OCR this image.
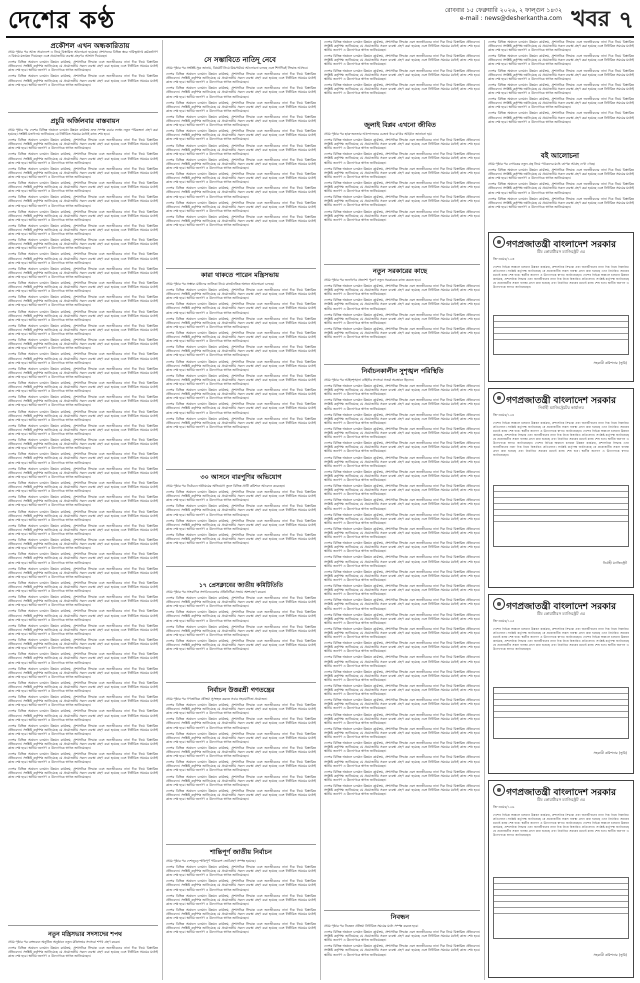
দেশের কণ্ঠ	রোববার ১৫ ফেব্রুয়ারি ২০২৬, ২ ফাল্গুন ১৪৩২
e-mail : news@desherkantha.com খবর ৭
প্রকৌশল এখন অন্ধকারিতায়

প্রথম পৃষ্ঠার পর আজ সারাদেশে এ নিয়ে বিস্তারিত আলোচনা হয়েছে। প্রশাসনের বিভিন্ন স্তরে দায়িত্বপ্রাপ্ত কর্মকর্তাগণ এ বিষয়ে মতামত দিয়েছেন এবং প্রয়োজনীয় ব্যবস্থা গ্রহণের আশ্বাস দিয়েছেন।

দেশের বিভিন্ন অঞ্চলে চলমান উন্নয়ন কার্যক্রম, প্রশাসনিক সিদ্ধান্ত এবং জনজীবনের নানা দিক নিয়ে বিস্তারিত প্রতিবেদন। সংশ্লিষ্ট কর্তৃপক্ষ জানিয়েছে যে প্রয়োজনীয় সকল ব্যবস্থা গ্রহণ করা হয়েছে এবং নির্ধারিত সময়ের মধ্যেই কাজ শেষ হবে। স্থানীয় জনগণ এ উদ্যোগকে স্বাগত জানিয়েছেন।

দেশের বিভিন্ন অঞ্চলে চলমান উন্নয়ন কার্যক্রম, প্রশাসনিক সিদ্ধান্ত এবং জনজীবনের নানা দিক নিয়ে বিস্তারিত প্রতিবেদন। সংশ্লিষ্ট কর্তৃপক্ষ জানিয়েছে যে প্রয়োজনীয় সকল ব্যবস্থা গ্রহণ করা হয়েছে এবং নির্ধারিত সময়ের মধ্যেই কাজ শেষ হবে। স্থানীয় জনগণ এ উদ্যোগকে স্বাগত জানিয়েছেন।

প্রচুরি অর্জিলবার বাস্তবায়ন

প্রথম পৃষ্ঠার পর দেশের বিভিন্ন অঞ্চলে চলমান উন্নয়ন কার্যক্রম দ্রুত সম্পন্ন করার লক্ষ্যে নতুন পরিকল্পনা গ্রহণ করা হয়েছে। সংশ্লিষ্ট মন্ত্রণালয় জানিয়েছে যে নির্ধারিত সময়ের মধ্যেই কাজ শেষ হবে।

দেশের বিভিন্ন অঞ্চলে চলমান উন্নয়ন কার্যক্রম, প্রশাসনিক সিদ্ধান্ত এবং জনজীবনের নানা দিক নিয়ে বিস্তারিত প্রতিবেদন। সংশ্লিষ্ট কর্তৃপক্ষ জানিয়েছে যে প্রয়োজনীয় সকল ব্যবস্থা গ্রহণ করা হয়েছে এবং নির্ধারিত সময়ের মধ্যেই কাজ শেষ হবে। স্থানীয় জনগণ এ উদ্যোগকে স্বাগত জানিয়েছেন।

দেশের বিভিন্ন অঞ্চলে চলমান উন্নয়ন কার্যক্রম, প্রশাসনিক সিদ্ধান্ত এবং জনজীবনের নানা দিক নিয়ে বিস্তারিত প্রতিবেদন। সংশ্লিষ্ট কর্তৃপক্ষ জানিয়েছে যে প্রয়োজনীয় সকল ব্যবস্থা গ্রহণ করা হয়েছে এবং নির্ধারিত সময়ের মধ্যেই কাজ শেষ হবে। স্থানীয় জনগণ এ উদ্যোগকে স্বাগত জানিয়েছেন।

দেশের বিভিন্ন অঞ্চলে চলমান উন্নয়ন কার্যক্রম, প্রশাসনিক সিদ্ধান্ত এবং জনজীবনের নানা দিক নিয়ে বিস্তারিত প্রতিবেদন। সংশ্লিষ্ট কর্তৃপক্ষ জানিয়েছে যে প্রয়োজনীয় সকল ব্যবস্থা গ্রহণ করা হয়েছে এবং নির্ধারিত সময়ের মধ্যেই কাজ শেষ হবে। স্থানীয় জনগণ এ উদ্যোগকে স্বাগত জানিয়েছেন।

দেশের বিভিন্ন অঞ্চলে চলমান উন্নয়ন কার্যক্রম, প্রশাসনিক সিদ্ধান্ত এবং জনজীবনের নানা দিক নিয়ে বিস্তারিত প্রতিবেদন। সংশ্লিষ্ট কর্তৃপক্ষ জানিয়েছে যে প্রয়োজনীয় সকল ব্যবস্থা গ্রহণ করা হয়েছে এবং নির্ধারিত সময়ের মধ্যেই কাজ শেষ হবে। স্থানীয় জনগণ এ উদ্যোগকে স্বাগত জানিয়েছেন।

দেশের বিভিন্ন অঞ্চলে চলমান উন্নয়ন কার্যক্রম, প্রশাসনিক সিদ্ধান্ত এবং জনজীবনের নানা দিক নিয়ে বিস্তারিত প্রতিবেদন। সংশ্লিষ্ট কর্তৃপক্ষ জানিয়েছে যে প্রয়োজনীয় সকল ব্যবস্থা গ্রহণ করা হয়েছে এবং নির্ধারিত সময়ের মধ্যেই কাজ শেষ হবে। স্থানীয় জনগণ এ উদ্যোগকে স্বাগত জানিয়েছেন।

দেশের বিভিন্ন অঞ্চলে চলমান উন্নয়ন কার্যক্রম, প্রশাসনিক সিদ্ধান্ত এবং জনজীবনের নানা দিক নিয়ে বিস্তারিত প্রতিবেদন। সংশ্লিষ্ট কর্তৃপক্ষ জানিয়েছে যে প্রয়োজনীয় সকল ব্যবস্থা গ্রহণ করা হয়েছে এবং নির্ধারিত সময়ের মধ্যেই কাজ শেষ হবে। স্থানীয় জনগণ এ উদ্যোগকে স্বাগত জানিয়েছেন।

দেশের বিভিন্ন অঞ্চলে চলমান উন্নয়ন কার্যক্রম, প্রশাসনিক সিদ্ধান্ত এবং জনজীবনের নানা দিক নিয়ে বিস্তারিত প্রতিবেদন। সংশ্লিষ্ট কর্তৃপক্ষ জানিয়েছে যে প্রয়োজনীয় সকল ব্যবস্থা গ্রহণ করা হয়েছে এবং নির্ধারিত সময়ের মধ্যেই কাজ শেষ হবে। স্থানীয় জনগণ এ উদ্যোগকে স্বাগত জানিয়েছেন।

দেশের বিভিন্ন অঞ্চলে চলমান উন্নয়ন কার্যক্রম, প্রশাসনিক সিদ্ধান্ত এবং জনজীবনের নানা দিক নিয়ে বিস্তারিত প্রতিবেদন। সংশ্লিষ্ট কর্তৃপক্ষ জানিয়েছে যে প্রয়োজনীয় সকল ব্যবস্থা গ্রহণ করা হয়েছে এবং নির্ধারিত সময়ের মধ্যেই কাজ শেষ হবে। স্থানীয় জনগণ এ উদ্যোগকে স্বাগত জানিয়েছেন।

দেশের বিভিন্ন অঞ্চলে চলমান উন্নয়ন কার্যক্রম, প্রশাসনিক সিদ্ধান্ত এবং জনজীবনের নানা দিক নিয়ে বিস্তারিত প্রতিবেদন। সংশ্লিষ্ট কর্তৃপক্ষ জানিয়েছে যে প্রয়োজনীয় সকল ব্যবস্থা গ্রহণ করা হয়েছে এবং নির্ধারিত সময়ের মধ্যেই কাজ শেষ হবে। স্থানীয় জনগণ এ উদ্যোগকে স্বাগত জানিয়েছেন।

দেশের বিভিন্ন অঞ্চলে চলমান উন্নয়ন কার্যক্রম, প্রশাসনিক সিদ্ধান্ত এবং জনজীবনের নানা দিক নিয়ে বিস্তারিত প্রতিবেদন। সংশ্লিষ্ট কর্তৃপক্ষ জানিয়েছে যে প্রয়োজনীয় সকল ব্যবস্থা গ্রহণ করা হয়েছে এবং নির্ধারিত সময়ের মধ্যেই কাজ শেষ হবে। স্থানীয় জনগণ এ উদ্যোগকে স্বাগত জানিয়েছেন।

দেশের বিভিন্ন অঞ্চলে চলমান উন্নয়ন কার্যক্রম, প্রশাসনিক সিদ্ধান্ত এবং জনজীবনের নানা দিক নিয়ে বিস্তারিত প্রতিবেদন। সংশ্লিষ্ট কর্তৃপক্ষ জানিয়েছে যে প্রয়োজনীয় সকল ব্যবস্থা গ্রহণ করা হয়েছে এবং নির্ধারিত সময়ের মধ্যেই কাজ শেষ হবে। স্থানীয় জনগণ এ উদ্যোগকে স্বাগত জানিয়েছেন।

দেশের বিভিন্ন অঞ্চলে চলমান উন্নয়ন কার্যক্রম, প্রশাসনিক সিদ্ধান্ত এবং জনজীবনের নানা দিক নিয়ে বিস্তারিত প্রতিবেদন। সংশ্লিষ্ট কর্তৃপক্ষ জানিয়েছে যে প্রয়োজনীয় সকল ব্যবস্থা গ্রহণ করা হয়েছে এবং নির্ধারিত সময়ের মধ্যেই কাজ শেষ হবে। স্থানীয় জনগণ এ উদ্যোগকে স্বাগত জানিয়েছেন।

দেশের বিভিন্ন অঞ্চলে চলমান উন্নয়ন কার্যক্রম, প্রশাসনিক সিদ্ধান্ত এবং জনজীবনের নানা দিক নিয়ে বিস্তারিত প্রতিবেদন। সংশ্লিষ্ট কর্তৃপক্ষ জানিয়েছে যে প্রয়োজনীয় সকল ব্যবস্থা গ্রহণ করা হয়েছে এবং নির্ধারিত সময়ের মধ্যেই কাজ শেষ হবে। স্থানীয় জনগণ এ উদ্যোগকে স্বাগত জানিয়েছেন।

দেশের বিভিন্ন অঞ্চলে চলমান উন্নয়ন কার্যক্রম, প্রশাসনিক সিদ্ধান্ত এবং জনজীবনের নানা দিক নিয়ে বিস্তারিত প্রতিবেদন। সংশ্লিষ্ট কর্তৃপক্ষ জানিয়েছে যে প্রয়োজনীয় সকল ব্যবস্থা গ্রহণ করা হয়েছে এবং নির্ধারিত সময়ের মধ্যেই কাজ শেষ হবে। স্থানীয় জনগণ এ উদ্যোগকে স্বাগত জানিয়েছেন।

দেশের বিভিন্ন অঞ্চলে চলমান উন্নয়ন কার্যক্রম, প্রশাসনিক সিদ্ধান্ত এবং জনজীবনের নানা দিক নিয়ে বিস্তারিত প্রতিবেদন। সংশ্লিষ্ট কর্তৃপক্ষ জানিয়েছে যে প্রয়োজনীয় সকল ব্যবস্থা গ্রহণ করা হয়েছে এবং নির্ধারিত সময়ের মধ্যেই কাজ শেষ হবে। স্থানীয় জনগণ এ উদ্যোগকে স্বাগত জানিয়েছেন।

দেশের বিভিন্ন অঞ্চলে চলমান উন্নয়ন কার্যক্রম, প্রশাসনিক সিদ্ধান্ত এবং জনজীবনের নানা দিক নিয়ে বিস্তারিত প্রতিবেদন। সংশ্লিষ্ট কর্তৃপক্ষ জানিয়েছে যে প্রয়োজনীয় সকল ব্যবস্থা গ্রহণ করা হয়েছে এবং নির্ধারিত সময়ের মধ্যেই কাজ শেষ হবে। স্থানীয় জনগণ এ উদ্যোগকে স্বাগত জানিয়েছেন।

দেশের বিভিন্ন অঞ্চলে চলমান উন্নয়ন কার্যক্রম, প্রশাসনিক সিদ্ধান্ত এবং জনজীবনের নানা দিক নিয়ে বিস্তারিত প্রতিবেদন। সংশ্লিষ্ট কর্তৃপক্ষ জানিয়েছে যে প্রয়োজনীয় সকল ব্যবস্থা গ্রহণ করা হয়েছে এবং নির্ধারিত সময়ের মধ্যেই কাজ শেষ হবে। স্থানীয় জনগণ এ উদ্যোগকে স্বাগত জানিয়েছেন।

দেশের বিভিন্ন অঞ্চলে চলমান উন্নয়ন কার্যক্রম, প্রশাসনিক সিদ্ধান্ত এবং জনজীবনের নানা দিক নিয়ে বিস্তারিত প্রতিবেদন। সংশ্লিষ্ট কর্তৃপক্ষ জানিয়েছে যে প্রয়োজনীয় সকল ব্যবস্থা গ্রহণ করা হয়েছে এবং নির্ধারিত সময়ের মধ্যেই কাজ শেষ হবে। স্থানীয় জনগণ এ উদ্যোগকে স্বাগত জানিয়েছেন।

দেশের বিভিন্ন অঞ্চলে চলমান উন্নয়ন কার্যক্রম, প্রশাসনিক সিদ্ধান্ত এবং জনজীবনের নানা দিক নিয়ে বিস্তারিত প্রতিবেদন। সংশ্লিষ্ট কর্তৃপক্ষ জানিয়েছে যে প্রয়োজনীয় সকল ব্যবস্থা গ্রহণ করা হয়েছে এবং নির্ধারিত সময়ের মধ্যেই কাজ শেষ হবে। স্থানীয় জনগণ এ উদ্যোগকে স্বাগত জানিয়েছেন।

দেশের বিভিন্ন অঞ্চলে চলমান উন্নয়ন কার্যক্রম, প্রশাসনিক সিদ্ধান্ত এবং জনজীবনের নানা দিক নিয়ে বিস্তারিত প্রতিবেদন। সংশ্লিষ্ট কর্তৃপক্ষ জানিয়েছে যে প্রয়োজনীয় সকল ব্যবস্থা গ্রহণ করা হয়েছে এবং নির্ধারিত সময়ের মধ্যেই কাজ শেষ হবে। স্থানীয় জনগণ এ উদ্যোগকে স্বাগত জানিয়েছেন।

দেশের বিভিন্ন অঞ্চলে চলমান উন্নয়ন কার্যক্রম, প্রশাসনিক সিদ্ধান্ত এবং জনজীবনের নানা দিক নিয়ে বিস্তারিত প্রতিবেদন। সংশ্লিষ্ট কর্তৃপক্ষ জানিয়েছে যে প্রয়োজনীয় সকল ব্যবস্থা গ্রহণ করা হয়েছে এবং নির্ধারিত সময়ের মধ্যেই কাজ শেষ হবে। স্থানীয় জনগণ এ উদ্যোগকে স্বাগত জানিয়েছেন।

দেশের বিভিন্ন অঞ্চলে চলমান উন্নয়ন কার্যক্রম, প্রশাসনিক সিদ্ধান্ত এবং জনজীবনের নানা দিক নিয়ে বিস্তারিত প্রতিবেদন। সংশ্লিষ্ট কর্তৃপক্ষ জানিয়েছে যে প্রয়োজনীয় সকল ব্যবস্থা গ্রহণ করা হয়েছে এবং নির্ধারিত সময়ের মধ্যেই কাজ শেষ হবে। স্থানীয় জনগণ এ উদ্যোগকে স্বাগত জানিয়েছেন।

দেশের বিভিন্ন অঞ্চলে চলমান উন্নয়ন কার্যক্রম, প্রশাসনিক সিদ্ধান্ত এবং জনজীবনের নানা দিক নিয়ে বিস্তারিত প্রতিবেদন। সংশ্লিষ্ট কর্তৃপক্ষ জানিয়েছে যে প্রয়োজনীয় সকল ব্যবস্থা গ্রহণ করা হয়েছে এবং নির্ধারিত সময়ের মধ্যেই কাজ শেষ হবে। স্থানীয় জনগণ এ উদ্যোগকে স্বাগত জানিয়েছেন।

দেশের বিভিন্ন অঞ্চলে চলমান উন্নয়ন কার্যক্রম, প্রশাসনিক সিদ্ধান্ত এবং জনজীবনের নানা দিক নিয়ে বিস্তারিত প্রতিবেদন। সংশ্লিষ্ট কর্তৃপক্ষ জানিয়েছে যে প্রয়োজনীয় সকল ব্যবস্থা গ্রহণ করা হয়েছে এবং নির্ধারিত সময়ের মধ্যেই কাজ শেষ হবে। স্থানীয় জনগণ এ উদ্যোগকে স্বাগত জানিয়েছেন।

দেশের বিভিন্ন অঞ্চলে চলমান উন্নয়ন কার্যক্রম, প্রশাসনিক সিদ্ধান্ত এবং জনজীবনের নানা দিক নিয়ে বিস্তারিত প্রতিবেদন। সংশ্লিষ্ট কর্তৃপক্ষ জানিয়েছে যে প্রয়োজনীয় সকল ব্যবস্থা গ্রহণ করা হয়েছে এবং নির্ধারিত সময়ের মধ্যেই কাজ শেষ হবে। স্থানীয় জনগণ এ উদ্যোগকে স্বাগত জানিয়েছেন।

দেশের বিভিন্ন অঞ্চলে চলমান উন্নয়ন কার্যক্রম, প্রশাসনিক সিদ্ধান্ত এবং জনজীবনের নানা দিক নিয়ে বিস্তারিত প্রতিবেদন। সংশ্লিষ্ট কর্তৃপক্ষ জানিয়েছে যে প্রয়োজনীয় সকল ব্যবস্থা গ্রহণ করা হয়েছে এবং নির্ধারিত সময়ের মধ্যেই কাজ শেষ হবে। স্থানীয় জনগণ এ উদ্যোগকে স্বাগত জানিয়েছেন।

দেশের বিভিন্ন অঞ্চলে চলমান উন্নয়ন কার্যক্রম, প্রশাসনিক সিদ্ধান্ত এবং জনজীবনের নানা দিক নিয়ে বিস্তারিত প্রতিবেদন। সংশ্লিষ্ট কর্তৃপক্ষ জানিয়েছে যে প্রয়োজনীয় সকল ব্যবস্থা গ্রহণ করা হয়েছে এবং নির্ধারিত সময়ের মধ্যেই কাজ শেষ হবে। স্থানীয় জনগণ এ উদ্যোগকে স্বাগত জানিয়েছেন।

দেশের বিভিন্ন অঞ্চলে চলমান উন্নয়ন কার্যক্রম, প্রশাসনিক সিদ্ধান্ত এবং জনজীবনের নানা দিক নিয়ে বিস্তারিত প্রতিবেদন। সংশ্লিষ্ট কর্তৃপক্ষ জানিয়েছে যে প্রয়োজনীয় সকল ব্যবস্থা গ্রহণ করা হয়েছে এবং নির্ধারিত সময়ের মধ্যেই কাজ শেষ হবে। স্থানীয় জনগণ এ উদ্যোগকে স্বাগত জানিয়েছেন।

দেশের বিভিন্ন অঞ্চলে চলমান উন্নয়ন কার্যক্রম, প্রশাসনিক সিদ্ধান্ত এবং জনজীবনের নানা দিক নিয়ে বিস্তারিত প্রতিবেদন। সংশ্লিষ্ট কর্তৃপক্ষ জানিয়েছে যে প্রয়োজনীয় সকল ব্যবস্থা গ্রহণ করা হয়েছে এবং নির্ধারিত সময়ের মধ্যেই কাজ শেষ হবে। স্থানীয় জনগণ এ উদ্যোগকে স্বাগত জানিয়েছেন।

দেশের বিভিন্ন অঞ্চলে চলমান উন্নয়ন কার্যক্রম, প্রশাসনিক সিদ্ধান্ত এবং জনজীবনের নানা দিক নিয়ে বিস্তারিত প্রতিবেদন। সংশ্লিষ্ট কর্তৃপক্ষ জানিয়েছে যে প্রয়োজনীয় সকল ব্যবস্থা গ্রহণ করা হয়েছে এবং নির্ধারিত সময়ের মধ্যেই কাজ শেষ হবে। স্থানীয় জনগণ এ উদ্যোগকে স্বাগত জানিয়েছেন।

দেশের বিভিন্ন অঞ্চলে চলমান উন্নয়ন কার্যক্রম, প্রশাসনিক সিদ্ধান্ত এবং জনজীবনের নানা দিক নিয়ে বিস্তারিত প্রতিবেদন। সংশ্লিষ্ট কর্তৃপক্ষ জানিয়েছে যে প্রয়োজনীয় সকল ব্যবস্থা গ্রহণ করা হয়েছে এবং নির্ধারিত সময়ের মধ্যেই কাজ শেষ হবে। স্থানীয় জনগণ এ উদ্যোগকে স্বাগত জানিয়েছেন।

দেশের বিভিন্ন অঞ্চলে চলমান উন্নয়ন কার্যক্রম, প্রশাসনিক সিদ্ধান্ত এবং জনজীবনের নানা দিক নিয়ে বিস্তারিত প্রতিবেদন। সংশ্লিষ্ট কর্তৃপক্ষ জানিয়েছে যে প্রয়োজনীয় সকল ব্যবস্থা গ্রহণ করা হয়েছে এবং নির্ধারিত সময়ের মধ্যেই কাজ শেষ হবে। স্থানীয় জনগণ এ উদ্যোগকে স্বাগত জানিয়েছেন।

দেশের বিভিন্ন অঞ্চলে চলমান উন্নয়ন কার্যক্রম, প্রশাসনিক সিদ্ধান্ত এবং জনজীবনের নানা দিক নিয়ে বিস্তারিত প্রতিবেদন। সংশ্লিষ্ট কর্তৃপক্ষ জানিয়েছে যে প্রয়োজনীয় সকল ব্যবস্থা গ্রহণ করা হয়েছে এবং নির্ধারিত সময়ের মধ্যেই কাজ শেষ হবে। স্থানীয় জনগণ এ উদ্যোগকে স্বাগত জানিয়েছেন।

দেশের বিভিন্ন অঞ্চলে চলমান উন্নয়ন কার্যক্রম, প্রশাসনিক সিদ্ধান্ত এবং জনজীবনের নানা দিক নিয়ে বিস্তারিত প্রতিবেদন। সংশ্লিষ্ট কর্তৃপক্ষ জানিয়েছে যে প্রয়োজনীয় সকল ব্যবস্থা গ্রহণ করা হয়েছে এবং নির্ধারিত সময়ের মধ্যেই কাজ শেষ হবে। স্থানীয় জনগণ এ উদ্যোগকে স্বাগত জানিয়েছেন।

দেশের বিভিন্ন অঞ্চলে চলমান উন্নয়ন কার্যক্রম, প্রশাসনিক সিদ্ধান্ত এবং জনজীবনের নানা দিক নিয়ে বিস্তারিত প্রতিবেদন। সংশ্লিষ্ট কর্তৃপক্ষ জানিয়েছে যে প্রয়োজনীয় সকল ব্যবস্থা গ্রহণ করা হয়েছে এবং নির্ধারিত সময়ের মধ্যেই কাজ শেষ হবে। স্থানীয় জনগণ এ উদ্যোগকে স্বাগত জানিয়েছেন।

দেশের বিভিন্ন অঞ্চলে চলমান উন্নয়ন কার্যক্রম, প্রশাসনিক সিদ্ধান্ত এবং জনজীবনের নানা দিক নিয়ে বিস্তারিত প্রতিবেদন। সংশ্লিষ্ট কর্তৃপক্ষ জানিয়েছে যে প্রয়োজনীয় সকল ব্যবস্থা গ্রহণ করা হয়েছে এবং নির্ধারিত সময়ের মধ্যেই কাজ শেষ হবে। স্থানীয় জনগণ এ উদ্যোগকে স্বাগত জানিয়েছেন।

দেশের বিভিন্ন অঞ্চলে চলমান উন্নয়ন কার্যক্রম, প্রশাসনিক সিদ্ধান্ত এবং জনজীবনের নানা দিক নিয়ে বিস্তারিত প্রতিবেদন। সংশ্লিষ্ট কর্তৃপক্ষ জানিয়েছে যে প্রয়োজনীয় সকল ব্যবস্থা গ্রহণ করা হয়েছে এবং নির্ধারিত সময়ের মধ্যেই কাজ শেষ হবে। স্থানীয় জনগণ এ উদ্যোগকে স্বাগত জানিয়েছেন।

দেশের বিভিন্ন অঞ্চলে চলমান উন্নয়ন কার্যক্রম, প্রশাসনিক সিদ্ধান্ত এবং জনজীবনের নানা দিক নিয়ে বিস্তারিত প্রতিবেদন। সংশ্লিষ্ট কর্তৃপক্ষ জানিয়েছে যে প্রয়োজনীয় সকল ব্যবস্থা গ্রহণ করা হয়েছে এবং নির্ধারিত সময়ের মধ্যেই কাজ শেষ হবে। স্থানীয় জনগণ এ উদ্যোগকে স্বাগত জানিয়েছেন।

দেশের বিভিন্ন অঞ্চলে চলমান উন্নয়ন কার্যক্রম, প্রশাসনিক সিদ্ধান্ত এবং জনজীবনের নানা দিক নিয়ে বিস্তারিত প্রতিবেদন। সংশ্লিষ্ট কর্তৃপক্ষ জানিয়েছে যে প্রয়োজনীয় সকল ব্যবস্থা গ্রহণ করা হয়েছে এবং নির্ধারিত সময়ের মধ্যেই কাজ শেষ হবে। স্থানীয় জনগণ এ উদ্যোগকে স্বাগত জানিয়েছেন।

দেশের বিভিন্ন অঞ্চলে চলমান উন্নয়ন কার্যক্রম, প্রশাসনিক সিদ্ধান্ত এবং জনজীবনের নানা দিক নিয়ে বিস্তারিত প্রতিবেদন। সংশ্লিষ্ট কর্তৃপক্ষ জানিয়েছে যে প্রয়োজনীয় সকল ব্যবস্থা গ্রহণ করা হয়েছে এবং নির্ধারিত সময়ের মধ্যেই কাজ শেষ হবে। স্থানীয় জনগণ এ উদ্যোগকে স্বাগত জানিয়েছেন।

দেশের বিভিন্ন অঞ্চলে চলমান উন্নয়ন কার্যক্রম, প্রশাসনিক সিদ্ধান্ত এবং জনজীবনের নানা দিক নিয়ে বিস্তারিত প্রতিবেদন। সংশ্লিষ্ট কর্তৃপক্ষ জানিয়েছে যে প্রয়োজনীয় সকল ব্যবস্থা গ্রহণ করা হয়েছে এবং নির্ধারিত সময়ের মধ্যেই কাজ শেষ হবে। স্থানীয় জনগণ এ উদ্যোগকে স্বাগত জানিয়েছেন।

দেশের বিভিন্ন অঞ্চলে চলমান উন্নয়ন কার্যক্রম, প্রশাসনিক সিদ্ধান্ত এবং জনজীবনের নানা দিক নিয়ে বিস্তারিত প্রতিবেদন। সংশ্লিষ্ট কর্তৃপক্ষ জানিয়েছে যে প্রয়োজনীয় সকল ব্যবস্থা গ্রহণ করা হয়েছে এবং নির্ধারিত সময়ের মধ্যেই কাজ শেষ হবে। স্থানীয় জনগণ এ উদ্যোগকে স্বাগত জানিয়েছেন।

দেশের বিভিন্ন অঞ্চলে চলমান উন্নয়ন কার্যক্রম, প্রশাসনিক সিদ্ধান্ত এবং জনজীবনের নানা দিক নিয়ে বিস্তারিত প্রতিবেদন। সংশ্লিষ্ট কর্তৃপক্ষ জানিয়েছে যে প্রয়োজনীয় সকল ব্যবস্থা গ্রহণ করা হয়েছে এবং নির্ধারিত সময়ের মধ্যেই কাজ শেষ হবে। স্থানীয় জনগণ এ উদ্যোগকে স্বাগত জানিয়েছেন।

দেশের বিভিন্ন অঞ্চলে চলমান উন্নয়ন কার্যক্রম, প্রশাসনিক সিদ্ধান্ত এবং জনজীবনের নানা দিক নিয়ে বিস্তারিত প্রতিবেদন। সংশ্লিষ্ট কর্তৃপক্ষ জানিয়েছে যে প্রয়োজনীয় সকল ব্যবস্থা গ্রহণ করা হয়েছে এবং নির্ধারিত সময়ের মধ্যেই কাজ শেষ হবে। স্থানীয় জনগণ এ উদ্যোগকে স্বাগত জানিয়েছেন।

দেশের বিভিন্ন অঞ্চলে চলমান উন্নয়ন কার্যক্রম, প্রশাসনিক সিদ্ধান্ত এবং জনজীবনের নানা দিক নিয়ে বিস্তারিত প্রতিবেদন। সংশ্লিষ্ট কর্তৃপক্ষ জানিয়েছে যে প্রয়োজনীয় সকল ব্যবস্থা গ্রহণ করা হয়েছে এবং নির্ধারিত সময়ের মধ্যেই কাজ শেষ হবে। স্থানীয় জনগণ এ উদ্যোগকে স্বাগত জানিয়েছেন।

নতুন মন্ত্রিসভার সদস্যদের শপথ

প্রথম পৃষ্ঠার পর বঙ্গভবনে অনুষ্ঠিত অনুষ্ঠানে নতুন মন্ত্রিসভার সদস্যরা শপথ গ্রহণ করেন।

দেশের বিভিন্ন অঞ্চলে চলমান উন্নয়ন কার্যক্রম, প্রশাসনিক সিদ্ধান্ত এবং জনজীবনের নানা দিক নিয়ে বিস্তারিত প্রতিবেদন। সংশ্লিষ্ট কর্তৃপক্ষ জানিয়েছে যে প্রয়োজনীয় সকল ব্যবস্থা গ্রহণ করা হয়েছে এবং নির্ধারিত সময়ের মধ্যেই কাজ শেষ হবে। স্থানীয় জনগণ এ উদ্যোগকে স্বাগত জানিয়েছেন।

সে সম্ভাবিতে নাতিদূ নেবে

প্রথম পৃষ্ঠার পর সংশ্লিষ্ট সূত্র জানায়, বিষয়টি নিয়ে উচ্চপর্যায়ে আলোচনা চলছে এবং শিগগিরই সিদ্ধান্ত আসবে।

দেশের বিভিন্ন অঞ্চলে চলমান উন্নয়ন কার্যক্রম, প্রশাসনিক সিদ্ধান্ত এবং জনজীবনের নানা দিক নিয়ে বিস্তারিত প্রতিবেদন। সংশ্লিষ্ট কর্তৃপক্ষ জানিয়েছে যে প্রয়োজনীয় সকল ব্যবস্থা গ্রহণ করা হয়েছে এবং নির্ধারিত সময়ের মধ্যেই কাজ শেষ হবে। স্থানীয় জনগণ এ উদ্যোগকে স্বাগত জানিয়েছেন।

দেশের বিভিন্ন অঞ্চলে চলমান উন্নয়ন কার্যক্রম, প্রশাসনিক সিদ্ধান্ত এবং জনজীবনের নানা দিক নিয়ে বিস্তারিত প্রতিবেদন। সংশ্লিষ্ট কর্তৃপক্ষ জানিয়েছে যে প্রয়োজনীয় সকল ব্যবস্থা গ্রহণ করা হয়েছে এবং নির্ধারিত সময়ের মধ্যেই কাজ শেষ হবে। স্থানীয় জনগণ এ উদ্যোগকে স্বাগত জানিয়েছেন।

দেশের বিভিন্ন অঞ্চলে চলমান উন্নয়ন কার্যক্রম, প্রশাসনিক সিদ্ধান্ত এবং জনজীবনের নানা দিক নিয়ে বিস্তারিত প্রতিবেদন। সংশ্লিষ্ট কর্তৃপক্ষ জানিয়েছে যে প্রয়োজনীয় সকল ব্যবস্থা গ্রহণ করা হয়েছে এবং নির্ধারিত সময়ের মধ্যেই কাজ শেষ হবে। স্থানীয় জনগণ এ উদ্যোগকে স্বাগত জানিয়েছেন।

দেশের বিভিন্ন অঞ্চলে চলমান উন্নয়ন কার্যক্রম, প্রশাসনিক সিদ্ধান্ত এবং জনজীবনের নানা দিক নিয়ে বিস্তারিত প্রতিবেদন। সংশ্লিষ্ট কর্তৃপক্ষ জানিয়েছে যে প্রয়োজনীয় সকল ব্যবস্থা গ্রহণ করা হয়েছে এবং নির্ধারিত সময়ের মধ্যেই কাজ শেষ হবে। স্থানীয় জনগণ এ উদ্যোগকে স্বাগত জানিয়েছেন।

দেশের বিভিন্ন অঞ্চলে চলমান উন্নয়ন কার্যক্রম, প্রশাসনিক সিদ্ধান্ত এবং জনজীবনের নানা দিক নিয়ে বিস্তারিত প্রতিবেদন। সংশ্লিষ্ট কর্তৃপক্ষ জানিয়েছে যে প্রয়োজনীয় সকল ব্যবস্থা গ্রহণ করা হয়েছে এবং নির্ধারিত সময়ের মধ্যেই কাজ শেষ হবে। স্থানীয় জনগণ এ উদ্যোগকে স্বাগত জানিয়েছেন।

দেশের বিভিন্ন অঞ্চলে চলমান উন্নয়ন কার্যক্রম, প্রশাসনিক সিদ্ধান্ত এবং জনজীবনের নানা দিক নিয়ে বিস্তারিত প্রতিবেদন। সংশ্লিষ্ট কর্তৃপক্ষ জানিয়েছে যে প্রয়োজনীয় সকল ব্যবস্থা গ্রহণ করা হয়েছে এবং নির্ধারিত সময়ের মধ্যেই কাজ শেষ হবে। স্থানীয় জনগণ এ উদ্যোগকে স্বাগত জানিয়েছেন।

দেশের বিভিন্ন অঞ্চলে চলমান উন্নয়ন কার্যক্রম, প্রশাসনিক সিদ্ধান্ত এবং জনজীবনের নানা দিক নিয়ে বিস্তারিত প্রতিবেদন। সংশ্লিষ্ট কর্তৃপক্ষ জানিয়েছে যে প্রয়োজনীয় সকল ব্যবস্থা গ্রহণ করা হয়েছে এবং নির্ধারিত সময়ের মধ্যেই কাজ শেষ হবে। স্থানীয় জনগণ এ উদ্যোগকে স্বাগত জানিয়েছেন।

দেশের বিভিন্ন অঞ্চলে চলমান উন্নয়ন কার্যক্রম, প্রশাসনিক সিদ্ধান্ত এবং জনজীবনের নানা দিক নিয়ে বিস্তারিত প্রতিবেদন। সংশ্লিষ্ট কর্তৃপক্ষ জানিয়েছে যে প্রয়োজনীয় সকল ব্যবস্থা গ্রহণ করা হয়েছে এবং নির্ধারিত সময়ের মধ্যেই কাজ শেষ হবে। স্থানীয় জনগণ এ উদ্যোগকে স্বাগত জানিয়েছেন।

দেশের বিভিন্ন অঞ্চলে চলমান উন্নয়ন কার্যক্রম, প্রশাসনিক সিদ্ধান্ত এবং জনজীবনের নানা দিক নিয়ে বিস্তারিত প্রতিবেদন। সংশ্লিষ্ট কর্তৃপক্ষ জানিয়েছে যে প্রয়োজনীয় সকল ব্যবস্থা গ্রহণ করা হয়েছে এবং নির্ধারিত সময়ের মধ্যেই কাজ শেষ হবে। স্থানীয় জনগণ এ উদ্যোগকে স্বাগত জানিয়েছেন।

দেশের বিভিন্ন অঞ্চলে চলমান উন্নয়ন কার্যক্রম, প্রশাসনিক সিদ্ধান্ত এবং জনজীবনের নানা দিক নিয়ে বিস্তারিত প্রতিবেদন। সংশ্লিষ্ট কর্তৃপক্ষ জানিয়েছে যে প্রয়োজনীয় সকল ব্যবস্থা গ্রহণ করা হয়েছে এবং নির্ধারিত সময়ের মধ্যেই কাজ শেষ হবে। স্থানীয় জনগণ এ উদ্যোগকে স্বাগত জানিয়েছেন।

দেশের বিভিন্ন অঞ্চলে চলমান উন্নয়ন কার্যক্রম, প্রশাসনিক সিদ্ধান্ত এবং জনজীবনের নানা দিক নিয়ে বিস্তারিত প্রতিবেদন। সংশ্লিষ্ট কর্তৃপক্ষ জানিয়েছে যে প্রয়োজনীয় সকল ব্যবস্থা গ্রহণ করা হয়েছে এবং নির্ধারিত সময়ের মধ্যেই কাজ শেষ হবে। স্থানীয় জনগণ এ উদ্যোগকে স্বাগত জানিয়েছেন।

কারা থাকতে পারেন মন্ত্রিসভায়

প্রথম পৃষ্ঠার পর সম্ভাব্য মন্ত্রীদের তালিকা নিয়ে রাজনৈতিক অঙ্গনে আলোচনা চলছে।

দেশের বিভিন্ন অঞ্চলে চলমান উন্নয়ন কার্যক্রম, প্রশাসনিক সিদ্ধান্ত এবং জনজীবনের নানা দিক নিয়ে বিস্তারিত প্রতিবেদন। সংশ্লিষ্ট কর্তৃপক্ষ জানিয়েছে যে প্রয়োজনীয় সকল ব্যবস্থা গ্রহণ করা হয়েছে এবং নির্ধারিত সময়ের মধ্যেই কাজ শেষ হবে। স্থানীয় জনগণ এ উদ্যোগকে স্বাগত জানিয়েছেন।

দেশের বিভিন্ন অঞ্চলে চলমান উন্নয়ন কার্যক্রম, প্রশাসনিক সিদ্ধান্ত এবং জনজীবনের নানা দিক নিয়ে বিস্তারিত প্রতিবেদন। সংশ্লিষ্ট কর্তৃপক্ষ জানিয়েছে যে প্রয়োজনীয় সকল ব্যবস্থা গ্রহণ করা হয়েছে এবং নির্ধারিত সময়ের মধ্যেই কাজ শেষ হবে। স্থানীয় জনগণ এ উদ্যোগকে স্বাগত জানিয়েছেন।

দেশের বিভিন্ন অঞ্চলে চলমান উন্নয়ন কার্যক্রম, প্রশাসনিক সিদ্ধান্ত এবং জনজীবনের নানা দিক নিয়ে বিস্তারিত প্রতিবেদন। সংশ্লিষ্ট কর্তৃপক্ষ জানিয়েছে যে প্রয়োজনীয় সকল ব্যবস্থা গ্রহণ করা হয়েছে এবং নির্ধারিত সময়ের মধ্যেই কাজ শেষ হবে। স্থানীয় জনগণ এ উদ্যোগকে স্বাগত জানিয়েছেন।

দেশের বিভিন্ন অঞ্চলে চলমান উন্নয়ন কার্যক্রম, প্রশাসনিক সিদ্ধান্ত এবং জনজীবনের নানা দিক নিয়ে বিস্তারিত প্রতিবেদন। সংশ্লিষ্ট কর্তৃপক্ষ জানিয়েছে যে প্রয়োজনীয় সকল ব্যবস্থা গ্রহণ করা হয়েছে এবং নির্ধারিত সময়ের মধ্যেই কাজ শেষ হবে। স্থানীয় জনগণ এ উদ্যোগকে স্বাগত জানিয়েছেন।

দেশের বিভিন্ন অঞ্চলে চলমান উন্নয়ন কার্যক্রম, প্রশাসনিক সিদ্ধান্ত এবং জনজীবনের নানা দিক নিয়ে বিস্তারিত প্রতিবেদন। সংশ্লিষ্ট কর্তৃপক্ষ জানিয়েছে যে প্রয়োজনীয় সকল ব্যবস্থা গ্রহণ করা হয়েছে এবং নির্ধারিত সময়ের মধ্যেই কাজ শেষ হবে। স্থানীয় জনগণ এ উদ্যোগকে স্বাগত জানিয়েছেন।

দেশের বিভিন্ন অঞ্চলে চলমান উন্নয়ন কার্যক্রম, প্রশাসনিক সিদ্ধান্ত এবং জনজীবনের নানা দিক নিয়ে বিস্তারিত প্রতিবেদন। সংশ্লিষ্ট কর্তৃপক্ষ জানিয়েছে যে প্রয়োজনীয় সকল ব্যবস্থা গ্রহণ করা হয়েছে এবং নির্ধারিত সময়ের মধ্যেই কাজ শেষ হবে। স্থানীয় জনগণ এ উদ্যোগকে স্বাগত জানিয়েছেন।

দেশের বিভিন্ন অঞ্চলে চলমান উন্নয়ন কার্যক্রম, প্রশাসনিক সিদ্ধান্ত এবং জনজীবনের নানা দিক নিয়ে বিস্তারিত প্রতিবেদন। সংশ্লিষ্ট কর্তৃপক্ষ জানিয়েছে যে প্রয়োজনীয় সকল ব্যবস্থা গ্রহণ করা হয়েছে এবং নির্ধারিত সময়ের মধ্যেই কাজ শেষ হবে। স্থানীয় জনগণ এ উদ্যোগকে স্বাগত জানিয়েছেন।

দেশের বিভিন্ন অঞ্চলে চলমান উন্নয়ন কার্যক্রম, প্রশাসনিক সিদ্ধান্ত এবং জনজীবনের নানা দিক নিয়ে বিস্তারিত প্রতিবেদন। সংশ্লিষ্ট কর্তৃপক্ষ জানিয়েছে যে প্রয়োজনীয় সকল ব্যবস্থা গ্রহণ করা হয়েছে এবং নির্ধারিত সময়ের মধ্যেই কাজ শেষ হবে। স্থানীয় জনগণ এ উদ্যোগকে স্বাগত জানিয়েছেন।

দেশের বিভিন্ন অঞ্চলে চলমান উন্নয়ন কার্যক্রম, প্রশাসনিক সিদ্ধান্ত এবং জনজীবনের নানা দিক নিয়ে বিস্তারিত প্রতিবেদন। সংশ্লিষ্ট কর্তৃপক্ষ জানিয়েছে যে প্রয়োজনীয় সকল ব্যবস্থা গ্রহণ করা হয়েছে এবং নির্ধারিত সময়ের মধ্যেই কাজ শেষ হবে। স্থানীয় জনগণ এ উদ্যোগকে স্বাগত জানিয়েছেন।

দেশের বিভিন্ন অঞ্চলে চলমান উন্নয়ন কার্যক্রম, প্রশাসনিক সিদ্ধান্ত এবং জনজীবনের নানা দিক নিয়ে বিস্তারিত প্রতিবেদন। সংশ্লিষ্ট কর্তৃপক্ষ জানিয়েছে যে প্রয়োজনীয় সকল ব্যবস্থা গ্রহণ করা হয়েছে এবং নির্ধারিত সময়ের মধ্যেই কাজ শেষ হবে। স্থানীয় জনগণ এ উদ্যোগকে স্বাগত জানিয়েছেন।

৩০ আসনে বারপুণির অভিযোগ

প্রথম পৃষ্ঠার পর নির্বাচনে অনিয়মের অভিযোগ তুলে বিভিন্ন প্রার্থী কমিশনে আবেদন করেছেন।

দেশের বিভিন্ন অঞ্চলে চলমান উন্নয়ন কার্যক্রম, প্রশাসনিক সিদ্ধান্ত এবং জনজীবনের নানা দিক নিয়ে বিস্তারিত প্রতিবেদন। সংশ্লিষ্ট কর্তৃপক্ষ জানিয়েছে যে প্রয়োজনীয় সকল ব্যবস্থা গ্রহণ করা হয়েছে এবং নির্ধারিত সময়ের মধ্যেই কাজ শেষ হবে। স্থানীয় জনগণ এ উদ্যোগকে স্বাগত জানিয়েছেন।

দেশের বিভিন্ন অঞ্চলে চলমান উন্নয়ন কার্যক্রম, প্রশাসনিক সিদ্ধান্ত এবং জনজীবনের নানা দিক নিয়ে বিস্তারিত প্রতিবেদন। সংশ্লিষ্ট কর্তৃপক্ষ জানিয়েছে যে প্রয়োজনীয় সকল ব্যবস্থা গ্রহণ করা হয়েছে এবং নির্ধারিত সময়ের মধ্যেই কাজ শেষ হবে। স্থানীয় জনগণ এ উদ্যোগকে স্বাগত জানিয়েছেন।

দেশের বিভিন্ন অঞ্চলে চলমান উন্নয়ন কার্যক্রম, প্রশাসনিক সিদ্ধান্ত এবং জনজীবনের নানা দিক নিয়ে বিস্তারিত প্রতিবেদন। সংশ্লিষ্ট কর্তৃপক্ষ জানিয়েছে যে প্রয়োজনীয় সকল ব্যবস্থা গ্রহণ করা হয়েছে এবং নির্ধারিত সময়ের মধ্যেই কাজ শেষ হবে। স্থানীয় জনগণ এ উদ্যোগকে স্বাগত জানিয়েছেন।

দেশের বিভিন্ন অঞ্চলে চলমান উন্নয়ন কার্যক্রম, প্রশাসনিক সিদ্ধান্ত এবং জনজীবনের নানা দিক নিয়ে বিস্তারিত প্রতিবেদন। সংশ্লিষ্ট কর্তৃপক্ষ জানিয়েছে যে প্রয়োজনীয় সকল ব্যবস্থা গ্রহণ করা হয়েছে এবং নির্ধারিত সময়ের মধ্যেই কাজ শেষ হবে। স্থানীয় জনগণ এ উদ্যোগকে স্বাগত জানিয়েছেন।

১৭ প্রেসক্লাবের জাতীয় কমিটিতিতি

প্রথম পৃষ্ঠার পর সাংবাদিক সংগঠনগুলোর প্রতিনিধিরা সভায় অংশগ্রহণ করেন।

দেশের বিভিন্ন অঞ্চলে চলমান উন্নয়ন কার্যক্রম, প্রশাসনিক সিদ্ধান্ত এবং জনজীবনের নানা দিক নিয়ে বিস্তারিত প্রতিবেদন। সংশ্লিষ্ট কর্তৃপক্ষ জানিয়েছে যে প্রয়োজনীয় সকল ব্যবস্থা গ্রহণ করা হয়েছে এবং নির্ধারিত সময়ের মধ্যেই কাজ শেষ হবে। স্থানীয় জনগণ এ উদ্যোগকে স্বাগত জানিয়েছেন।

দেশের বিভিন্ন অঞ্চলে চলমান উন্নয়ন কার্যক্রম, প্রশাসনিক সিদ্ধান্ত এবং জনজীবনের নানা দিক নিয়ে বিস্তারিত প্রতিবেদন। সংশ্লিষ্ট কর্তৃপক্ষ জানিয়েছে যে প্রয়োজনীয় সকল ব্যবস্থা গ্রহণ করা হয়েছে এবং নির্ধারিত সময়ের মধ্যেই কাজ শেষ হবে। স্থানীয় জনগণ এ উদ্যোগকে স্বাগত জানিয়েছেন।

দেশের বিভিন্ন অঞ্চলে চলমান উন্নয়ন কার্যক্রম, প্রশাসনিক সিদ্ধান্ত এবং জনজীবনের নানা দিক নিয়ে বিস্তারিত প্রতিবেদন। সংশ্লিষ্ট কর্তৃপক্ষ জানিয়েছে যে প্রয়োজনীয় সকল ব্যবস্থা গ্রহণ করা হয়েছে এবং নির্ধারিত সময়ের মধ্যেই কাজ শেষ হবে। স্থানীয় জনগণ এ উদ্যোগকে স্বাগত জানিয়েছেন।

দেশের বিভিন্ন অঞ্চলে চলমান উন্নয়ন কার্যক্রম, প্রশাসনিক সিদ্ধান্ত এবং জনজীবনের নানা দিক নিয়ে বিস্তারিত প্রতিবেদন। সংশ্লিষ্ট কর্তৃপক্ষ জানিয়েছে যে প্রয়োজনীয় সকল ব্যবস্থা গ্রহণ করা হয়েছে এবং নির্ধারিত সময়ের মধ্যেই কাজ শেষ হবে। স্থানীয় জনগণ এ উদ্যোগকে স্বাগত জানিয়েছেন।

নির্বাচন উত্তরশ্রী গণতন্ত্রের

প্রথম পৃষ্ঠার পর গণতান্ত্রিক প্রক্রিয়া সুসংহত করতে সবার সহযোগিতা প্রয়োজন।

দেশের বিভিন্ন অঞ্চলে চলমান উন্নয়ন কার্যক্রম, প্রশাসনিক সিদ্ধান্ত এবং জনজীবনের নানা দিক নিয়ে বিস্তারিত প্রতিবেদন। সংশ্লিষ্ট কর্তৃপক্ষ জানিয়েছে যে প্রয়োজনীয় সকল ব্যবস্থা গ্রহণ করা হয়েছে এবং নির্ধারিত সময়ের মধ্যেই কাজ শেষ হবে। স্থানীয় জনগণ এ উদ্যোগকে স্বাগত জানিয়েছেন।

দেশের বিভিন্ন অঞ্চলে চলমান উন্নয়ন কার্যক্রম, প্রশাসনিক সিদ্ধান্ত এবং জনজীবনের নানা দিক নিয়ে বিস্তারিত প্রতিবেদন। সংশ্লিষ্ট কর্তৃপক্ষ জানিয়েছে যে প্রয়োজনীয় সকল ব্যবস্থা গ্রহণ করা হয়েছে এবং নির্ধারিত সময়ের মধ্যেই কাজ শেষ হবে। স্থানীয় জনগণ এ উদ্যোগকে স্বাগত জানিয়েছেন।

দেশের বিভিন্ন অঞ্চলে চলমান উন্নয়ন কার্যক্রম, প্রশাসনিক সিদ্ধান্ত এবং জনজীবনের নানা দিক নিয়ে বিস্তারিত প্রতিবেদন। সংশ্লিষ্ট কর্তৃপক্ষ জানিয়েছে যে প্রয়োজনীয় সকল ব্যবস্থা গ্রহণ করা হয়েছে এবং নির্ধারিত সময়ের মধ্যেই কাজ শেষ হবে। স্থানীয় জনগণ এ উদ্যোগকে স্বাগত জানিয়েছেন।

দেশের বিভিন্ন অঞ্চলে চলমান উন্নয়ন কার্যক্রম, প্রশাসনিক সিদ্ধান্ত এবং জনজীবনের নানা দিক নিয়ে বিস্তারিত প্রতিবেদন। সংশ্লিষ্ট কর্তৃপক্ষ জানিয়েছে যে প্রয়োজনীয় সকল ব্যবস্থা গ্রহণ করা হয়েছে এবং নির্ধারিত সময়ের মধ্যেই কাজ শেষ হবে। স্থানীয় জনগণ এ উদ্যোগকে স্বাগত জানিয়েছেন।

দেশের বিভিন্ন অঞ্চলে চলমান উন্নয়ন কার্যক্রম, প্রশাসনিক সিদ্ধান্ত এবং জনজীবনের নানা দিক নিয়ে বিস্তারিত প্রতিবেদন। সংশ্লিষ্ট কর্তৃপক্ষ জানিয়েছে যে প্রয়োজনীয় সকল ব্যবস্থা গ্রহণ করা হয়েছে এবং নির্ধারিত সময়ের মধ্যেই কাজ শেষ হবে। স্থানীয় জনগণ এ উদ্যোগকে স্বাগত জানিয়েছেন।

দেশের বিভিন্ন অঞ্চলে চলমান উন্নয়ন কার্যক্রম, প্রশাসনিক সিদ্ধান্ত এবং জনজীবনের নানা দিক নিয়ে বিস্তারিত প্রতিবেদন। সংশ্লিষ্ট কর্তৃপক্ষ জানিয়েছে যে প্রয়োজনীয় সকল ব্যবস্থা গ্রহণ করা হয়েছে এবং নির্ধারিত সময়ের মধ্যেই কাজ শেষ হবে। স্থানীয় জনগণ এ উদ্যোগকে স্বাগত জানিয়েছেন।

দেশের বিভিন্ন অঞ্চলে চলমান উন্নয়ন কার্যক্রম, প্রশাসনিক সিদ্ধান্ত এবং জনজীবনের নানা দিক নিয়ে বিস্তারিত প্রতিবেদন। সংশ্লিষ্ট কর্তৃপক্ষ জানিয়েছে যে প্রয়োজনীয় সকল ব্যবস্থা গ্রহণ করা হয়েছে এবং নির্ধারিত সময়ের মধ্যেই কাজ শেষ হবে। স্থানীয় জনগণ এ উদ্যোগকে স্বাগত জানিয়েছেন।

শান্তিপূর্ণ জাতীয় নির্বাচন

প্রথম পৃষ্ঠার পর দেশজুড়ে শান্তিপূর্ণ পরিবেশে ভোটগ্রহণ সম্পন্ন হয়েছে।

দেশের বিভিন্ন অঞ্চলে চলমান উন্নয়ন কার্যক্রম, প্রশাসনিক সিদ্ধান্ত এবং জনজীবনের নানা দিক নিয়ে বিস্তারিত প্রতিবেদন। সংশ্লিষ্ট কর্তৃপক্ষ জানিয়েছে যে প্রয়োজনীয় সকল ব্যবস্থা গ্রহণ করা হয়েছে এবং নির্ধারিত সময়ের মধ্যেই কাজ শেষ হবে। স্থানীয় জনগণ এ উদ্যোগকে স্বাগত জানিয়েছেন।

দেশের বিভিন্ন অঞ্চলে চলমান উন্নয়ন কার্যক্রম, প্রশাসনিক সিদ্ধান্ত এবং জনজীবনের নানা দিক নিয়ে বিস্তারিত প্রতিবেদন। সংশ্লিষ্ট কর্তৃপক্ষ জানিয়েছে যে প্রয়োজনীয় সকল ব্যবস্থা গ্রহণ করা হয়েছে এবং নির্ধারিত সময়ের মধ্যেই কাজ শেষ হবে। স্থানীয় জনগণ এ উদ্যোগকে স্বাগত জানিয়েছেন।

দেশের বিভিন্ন অঞ্চলে চলমান উন্নয়ন কার্যক্রম, প্রশাসনিক সিদ্ধান্ত এবং জনজীবনের নানা দিক নিয়ে বিস্তারিত প্রতিবেদন। সংশ্লিষ্ট কর্তৃপক্ষ জানিয়েছে যে প্রয়োজনীয় সকল ব্যবস্থা গ্রহণ করা হয়েছে এবং নির্ধারিত সময়ের মধ্যেই কাজ শেষ হবে। স্থানীয় জনগণ এ উদ্যোগকে স্বাগত জানিয়েছেন।

দেশের বিভিন্ন অঞ্চলে চলমান উন্নয়ন কার্যক্রম, প্রশাসনিক সিদ্ধান্ত এবং জনজীবনের নানা দিক নিয়ে বিস্তারিত প্রতিবেদন। সংশ্লিষ্ট কর্তৃপক্ষ জানিয়েছে যে প্রয়োজনীয় সকল ব্যবস্থা গ্রহণ করা হয়েছে এবং নির্ধারিত সময়ের মধ্যেই কাজ শেষ হবে। স্থানীয় জনগণ এ উদ্যোগকে স্বাগত জানিয়েছেন।

দেশের বিভিন্ন অঞ্চলে চলমান উন্নয়ন কার্যক্রম, প্রশাসনিক সিদ্ধান্ত এবং জনজীবনের নানা দিক নিয়ে বিস্তারিত প্রতিবেদন। সংশ্লিষ্ট কর্তৃপক্ষ জানিয়েছে যে প্রয়োজনীয় সকল ব্যবস্থা গ্রহণ করা হয়েছে এবং নির্ধারিত সময়ের মধ্যেই কাজ শেষ হবে। স্থানীয় জনগণ এ উদ্যোগকে স্বাগত জানিয়েছেন।

দেশের বিভিন্ন অঞ্চলে চলমান উন্নয়ন কার্যক্রম, প্রশাসনিক সিদ্ধান্ত এবং জনজীবনের নানা দিক নিয়ে বিস্তারিত প্রতিবেদন। সংশ্লিষ্ট কর্তৃপক্ষ জানিয়েছে যে প্রয়োজনীয় সকল ব্যবস্থা গ্রহণ করা হয়েছে এবং নির্ধারিত সময়ের মধ্যেই কাজ শেষ হবে। স্থানীয় জনগণ এ উদ্যোগকে স্বাগত জানিয়েছেন।

দেশের বিভিন্ন অঞ্চলে চলমান উন্নয়ন কার্যক্রম, প্রশাসনিক সিদ্ধান্ত এবং জনজীবনের নানা দিক নিয়ে বিস্তারিত প্রতিবেদন। সংশ্লিষ্ট কর্তৃপক্ষ জানিয়েছে যে প্রয়োজনীয় সকল ব্যবস্থা গ্রহণ করা হয়েছে এবং নির্ধারিত সময়ের মধ্যেই কাজ শেষ হবে। স্থানীয় জনগণ এ উদ্যোগকে স্বাগত জানিয়েছেন।

দেশের বিভিন্ন অঞ্চলে চলমান উন্নয়ন কার্যক্রম, প্রশাসনিক সিদ্ধান্ত এবং জনজীবনের নানা দিক নিয়ে বিস্তারিত প্রতিবেদন। সংশ্লিষ্ট কর্তৃপক্ষ জানিয়েছে যে প্রয়োজনীয় সকল ব্যবস্থা গ্রহণ করা হয়েছে এবং নির্ধারিত সময়ের মধ্যেই কাজ শেষ হবে। স্থানীয় জনগণ এ উদ্যোগকে স্বাগত জানিয়েছেন।

দেশের বিভিন্ন অঞ্চলে চলমান উন্নয়ন কার্যক্রম, প্রশাসনিক সিদ্ধান্ত এবং জনজীবনের নানা দিক নিয়ে বিস্তারিত প্রতিবেদন। সংশ্লিষ্ট কর্তৃপক্ষ জানিয়েছে যে প্রয়োজনীয় সকল ব্যবস্থা গ্রহণ করা হয়েছে এবং নির্ধারিত সময়ের মধ্যেই কাজ শেষ হবে। স্থানীয় জনগণ এ উদ্যোগকে স্বাগত জানিয়েছেন।

জুলাই বিপ্লব এখনো জীবিত

প্রথম পৃষ্ঠার পর ছাত্র-জনতার আন্দোলনের চেতনা ধরে রাখার আহ্বান জানানো হয়।

দেশের বিভিন্ন অঞ্চলে চলমান উন্নয়ন কার্যক্রম, প্রশাসনিক সিদ্ধান্ত এবং জনজীবনের নানা দিক নিয়ে বিস্তারিত প্রতিবেদন। সংশ্লিষ্ট কর্তৃপক্ষ জানিয়েছে যে প্রয়োজনীয় সকল ব্যবস্থা গ্রহণ করা হয়েছে এবং নির্ধারিত সময়ের মধ্যেই কাজ শেষ হবে। স্থানীয় জনগণ এ উদ্যোগকে স্বাগত জানিয়েছেন।

দেশের বিভিন্ন অঞ্চলে চলমান উন্নয়ন কার্যক্রম, প্রশাসনিক সিদ্ধান্ত এবং জনজীবনের নানা দিক নিয়ে বিস্তারিত প্রতিবেদন। সংশ্লিষ্ট কর্তৃপক্ষ জানিয়েছে যে প্রয়োজনীয় সকল ব্যবস্থা গ্রহণ করা হয়েছে এবং নির্ধারিত সময়ের মধ্যেই কাজ শেষ হবে। স্থানীয় জনগণ এ উদ্যোগকে স্বাগত জানিয়েছেন।

দেশের বিভিন্ন অঞ্চলে চলমান উন্নয়ন কার্যক্রম, প্রশাসনিক সিদ্ধান্ত এবং জনজীবনের নানা দিক নিয়ে বিস্তারিত প্রতিবেদন। সংশ্লিষ্ট কর্তৃপক্ষ জানিয়েছে যে প্রয়োজনীয় সকল ব্যবস্থা গ্রহণ করা হয়েছে এবং নির্ধারিত সময়ের মধ্যেই কাজ শেষ হবে। স্থানীয় জনগণ এ উদ্যোগকে স্বাগত জানিয়েছেন।

দেশের বিভিন্ন অঞ্চলে চলমান উন্নয়ন কার্যক্রম, প্রশাসনিক সিদ্ধান্ত এবং জনজীবনের নানা দিক নিয়ে বিস্তারিত প্রতিবেদন। সংশ্লিষ্ট কর্তৃপক্ষ জানিয়েছে যে প্রয়োজনীয় সকল ব্যবস্থা গ্রহণ করা হয়েছে এবং নির্ধারিত সময়ের মধ্যেই কাজ শেষ হবে। স্থানীয় জনগণ এ উদ্যোগকে স্বাগত জানিয়েছেন।

দেশের বিভিন্ন অঞ্চলে চলমান উন্নয়ন কার্যক্রম, প্রশাসনিক সিদ্ধান্ত এবং জনজীবনের নানা দিক নিয়ে বিস্তারিত প্রতিবেদন। সংশ্লিষ্ট কর্তৃপক্ষ জানিয়েছে যে প্রয়োজনীয় সকল ব্যবস্থা গ্রহণ করা হয়েছে এবং নির্ধারিত সময়ের মধ্যেই কাজ শেষ হবে। স্থানীয় জনগণ এ উদ্যোগকে স্বাগত জানিয়েছেন।

দেশের বিভিন্ন অঞ্চলে চলমান উন্নয়ন কার্যক্রম, প্রশাসনিক সিদ্ধান্ত এবং জনজীবনের নানা দিক নিয়ে বিস্তারিত প্রতিবেদন। সংশ্লিষ্ট কর্তৃপক্ষ জানিয়েছে যে প্রয়োজনীয় সকল ব্যবস্থা গ্রহণ করা হয়েছে এবং নির্ধারিত সময়ের মধ্যেই কাজ শেষ হবে। স্থানীয় জনগণ এ উদ্যোগকে স্বাগত জানিয়েছেন।

নতুন সরকারের কাছে

প্রথম পৃষ্ঠার পর জনগণের প্রত্যাশা পূরণে নতুন সরকারকে কাজ করতে হবে।

দেশের বিভিন্ন অঞ্চলে চলমান উন্নয়ন কার্যক্রম, প্রশাসনিক সিদ্ধান্ত এবং জনজীবনের নানা দিক নিয়ে বিস্তারিত প্রতিবেদন। সংশ্লিষ্ট কর্তৃপক্ষ জানিয়েছে যে প্রয়োজনীয় সকল ব্যবস্থা গ্রহণ করা হয়েছে এবং নির্ধারিত সময়ের মধ্যেই কাজ শেষ হবে। স্থানীয় জনগণ এ উদ্যোগকে স্বাগত জানিয়েছেন।

দেশের বিভিন্ন অঞ্চলে চলমান উন্নয়ন কার্যক্রম, প্রশাসনিক সিদ্ধান্ত এবং জনজীবনের নানা দিক নিয়ে বিস্তারিত প্রতিবেদন। সংশ্লিষ্ট কর্তৃপক্ষ জানিয়েছে যে প্রয়োজনীয় সকল ব্যবস্থা গ্রহণ করা হয়েছে এবং নির্ধারিত সময়ের মধ্যেই কাজ শেষ হবে। স্থানীয় জনগণ এ উদ্যোগকে স্বাগত জানিয়েছেন।

দেশের বিভিন্ন অঞ্চলে চলমান উন্নয়ন কার্যক্রম, প্রশাসনিক সিদ্ধান্ত এবং জনজীবনের নানা দিক নিয়ে বিস্তারিত প্রতিবেদন। সংশ্লিষ্ট কর্তৃপক্ষ জানিয়েছে যে প্রয়োজনীয় সকল ব্যবস্থা গ্রহণ করা হয়েছে এবং নির্ধারিত সময়ের মধ্যেই কাজ শেষ হবে। স্থানীয় জনগণ এ উদ্যোগকে স্বাগত জানিয়েছেন।

দেশের বিভিন্ন অঞ্চলে চলমান উন্নয়ন কার্যক্রম, প্রশাসনিক সিদ্ধান্ত এবং জনজীবনের নানা দিক নিয়ে বিস্তারিত প্রতিবেদন। সংশ্লিষ্ট কর্তৃপক্ষ জানিয়েছে যে প্রয়োজনীয় সকল ব্যবস্থা গ্রহণ করা হয়েছে এবং নির্ধারিত সময়ের মধ্যেই কাজ শেষ হবে। স্থানীয় জনগণ এ উদ্যোগকে স্বাগত জানিয়েছেন।

নির্বাচনকালীন সুশৃঙ্খল পরিস্থিতি

প্রথম পৃষ্ঠার পর আইনশৃঙ্খলা বাহিনীর সদস্যরা সতর্ক অবস্থানে ছিলেন।

দেশের বিভিন্ন অঞ্চলে চলমান উন্নয়ন কার্যক্রম, প্রশাসনিক সিদ্ধান্ত এবং জনজীবনের নানা দিক নিয়ে বিস্তারিত প্রতিবেদন। সংশ্লিষ্ট কর্তৃপক্ষ জানিয়েছে যে প্রয়োজনীয় সকল ব্যবস্থা গ্রহণ করা হয়েছে এবং নির্ধারিত সময়ের মধ্যেই কাজ শেষ হবে। স্থানীয় জনগণ এ উদ্যোগকে স্বাগত জানিয়েছেন।

দেশের বিভিন্ন অঞ্চলে চলমান উন্নয়ন কার্যক্রম, প্রশাসনিক সিদ্ধান্ত এবং জনজীবনের নানা দিক নিয়ে বিস্তারিত প্রতিবেদন। সংশ্লিষ্ট কর্তৃপক্ষ জানিয়েছে যে প্রয়োজনীয় সকল ব্যবস্থা গ্রহণ করা হয়েছে এবং নির্ধারিত সময়ের মধ্যেই কাজ শেষ হবে। স্থানীয় জনগণ এ উদ্যোগকে স্বাগত জানিয়েছেন।

দেশের বিভিন্ন অঞ্চলে চলমান উন্নয়ন কার্যক্রম, প্রশাসনিক সিদ্ধান্ত এবং জনজীবনের নানা দিক নিয়ে বিস্তারিত প্রতিবেদন। সংশ্লিষ্ট কর্তৃপক্ষ জানিয়েছে যে প্রয়োজনীয় সকল ব্যবস্থা গ্রহণ করা হয়েছে এবং নির্ধারিত সময়ের মধ্যেই কাজ শেষ হবে। স্থানীয় জনগণ এ উদ্যোগকে স্বাগত জানিয়েছেন।

দেশের বিভিন্ন অঞ্চলে চলমান উন্নয়ন কার্যক্রম, প্রশাসনিক সিদ্ধান্ত এবং জনজীবনের নানা দিক নিয়ে বিস্তারিত প্রতিবেদন। সংশ্লিষ্ট কর্তৃপক্ষ জানিয়েছে যে প্রয়োজনীয় সকল ব্যবস্থা গ্রহণ করা হয়েছে এবং নির্ধারিত সময়ের মধ্যেই কাজ শেষ হবে। স্থানীয় জনগণ এ উদ্যোগকে স্বাগত জানিয়েছেন।

দেশের বিভিন্ন অঞ্চলে চলমান উন্নয়ন কার্যক্রম, প্রশাসনিক সিদ্ধান্ত এবং জনজীবনের নানা দিক নিয়ে বিস্তারিত প্রতিবেদন। সংশ্লিষ্ট কর্তৃপক্ষ জানিয়েছে যে প্রয়োজনীয় সকল ব্যবস্থা গ্রহণ করা হয়েছে এবং নির্ধারিত সময়ের মধ্যেই কাজ শেষ হবে। স্থানীয় জনগণ এ উদ্যোগকে স্বাগত জানিয়েছেন।

দেশের বিভিন্ন অঞ্চলে চলমান উন্নয়ন কার্যক্রম, প্রশাসনিক সিদ্ধান্ত এবং জনজীবনের নানা দিক নিয়ে বিস্তারিত প্রতিবেদন। সংশ্লিষ্ট কর্তৃপক্ষ জানিয়েছে যে প্রয়োজনীয় সকল ব্যবস্থা গ্রহণ করা হয়েছে এবং নির্ধারিত সময়ের মধ্যেই কাজ শেষ হবে। স্থানীয় জনগণ এ উদ্যোগকে স্বাগত জানিয়েছেন।

দেশের বিভিন্ন অঞ্চলে চলমান উন্নয়ন কার্যক্রম, প্রশাসনিক সিদ্ধান্ত এবং জনজীবনের নানা দিক নিয়ে বিস্তারিত প্রতিবেদন। সংশ্লিষ্ট কর্তৃপক্ষ জানিয়েছে যে প্রয়োজনীয় সকল ব্যবস্থা গ্রহণ করা হয়েছে এবং নির্ধারিত সময়ের মধ্যেই কাজ শেষ হবে। স্থানীয় জনগণ এ উদ্যোগকে স্বাগত জানিয়েছেন।

দেশের বিভিন্ন অঞ্চলে চলমান উন্নয়ন কার্যক্রম, প্রশাসনিক সিদ্ধান্ত এবং জনজীবনের নানা দিক নিয়ে বিস্তারিত প্রতিবেদন। সংশ্লিষ্ট কর্তৃপক্ষ জানিয়েছে যে প্রয়োজনীয় সকল ব্যবস্থা গ্রহণ করা হয়েছে এবং নির্ধারিত সময়ের মধ্যেই কাজ শেষ হবে। স্থানীয় জনগণ এ উদ্যোগকে স্বাগত জানিয়েছেন।

দেশের বিভিন্ন অঞ্চলে চলমান উন্নয়ন কার্যক্রম, প্রশাসনিক সিদ্ধান্ত এবং জনজীবনের নানা দিক নিয়ে বিস্তারিত প্রতিবেদন। সংশ্লিষ্ট কর্তৃপক্ষ জানিয়েছে যে প্রয়োজনীয় সকল ব্যবস্থা গ্রহণ করা হয়েছে এবং নির্ধারিত সময়ের মধ্যেই কাজ শেষ হবে। স্থানীয় জনগণ এ উদ্যোগকে স্বাগত জানিয়েছেন।

দেশের বিভিন্ন অঞ্চলে চলমান উন্নয়ন কার্যক্রম, প্রশাসনিক সিদ্ধান্ত এবং জনজীবনের নানা দিক নিয়ে বিস্তারিত প্রতিবেদন। সংশ্লিষ্ট কর্তৃপক্ষ জানিয়েছে যে প্রয়োজনীয় সকল ব্যবস্থা গ্রহণ করা হয়েছে এবং নির্ধারিত সময়ের মধ্যেই কাজ শেষ হবে। স্থানীয় জনগণ এ উদ্যোগকে স্বাগত জানিয়েছেন।

দেশের বিভিন্ন অঞ্চলে চলমান উন্নয়ন কার্যক্রম, প্রশাসনিক সিদ্ধান্ত এবং জনজীবনের নানা দিক নিয়ে বিস্তারিত প্রতিবেদন। সংশ্লিষ্ট কর্তৃপক্ষ জানিয়েছে যে প্রয়োজনীয় সকল ব্যবস্থা গ্রহণ করা হয়েছে এবং নির্ধারিত সময়ের মধ্যেই কাজ শেষ হবে। স্থানীয় জনগণ এ উদ্যোগকে স্বাগত জানিয়েছেন।

দেশের বিভিন্ন অঞ্চলে চলমান উন্নয়ন কার্যক্রম, প্রশাসনিক সিদ্ধান্ত এবং জনজীবনের নানা দিক নিয়ে বিস্তারিত প্রতিবেদন। সংশ্লিষ্ট কর্তৃপক্ষ জানিয়েছে যে প্রয়োজনীয় সকল ব্যবস্থা গ্রহণ করা হয়েছে এবং নির্ধারিত সময়ের মধ্যেই কাজ শেষ হবে। স্থানীয় জনগণ এ উদ্যোগকে স্বাগত জানিয়েছেন।

দেশের বিভিন্ন অঞ্চলে চলমান উন্নয়ন কার্যক্রম, প্রশাসনিক সিদ্ধান্ত এবং জনজীবনের নানা দিক নিয়ে বিস্তারিত প্রতিবেদন। সংশ্লিষ্ট কর্তৃপক্ষ জানিয়েছে যে প্রয়োজনীয় সকল ব্যবস্থা গ্রহণ করা হয়েছে এবং নির্ধারিত সময়ের মধ্যেই কাজ শেষ হবে। স্থানীয় জনগণ এ উদ্যোগকে স্বাগত জানিয়েছেন।

দেশের বিভিন্ন অঞ্চলে চলমান উন্নয়ন কার্যক্রম, প্রশাসনিক সিদ্ধান্ত এবং জনজীবনের নানা দিক নিয়ে বিস্তারিত প্রতিবেদন। সংশ্লিষ্ট কর্তৃপক্ষ জানিয়েছে যে প্রয়োজনীয় সকল ব্যবস্থা গ্রহণ করা হয়েছে এবং নির্ধারিত সময়ের মধ্যেই কাজ শেষ হবে। স্থানীয় জনগণ এ উদ্যোগকে স্বাগত জানিয়েছেন।

দেশের বিভিন্ন অঞ্চলে চলমান উন্নয়ন কার্যক্রম, প্রশাসনিক সিদ্ধান্ত এবং জনজীবনের নানা দিক নিয়ে বিস্তারিত প্রতিবেদন। সংশ্লিষ্ট কর্তৃপক্ষ জানিয়েছে যে প্রয়োজনীয় সকল ব্যবস্থা গ্রহণ করা হয়েছে এবং নির্ধারিত সময়ের মধ্যেই কাজ শেষ হবে। স্থানীয় জনগণ এ উদ্যোগকে স্বাগত জানিয়েছেন।

দেশের বিভিন্ন অঞ্চলে চলমান উন্নয়ন কার্যক্রম, প্রশাসনিক সিদ্ধান্ত এবং জনজীবনের নানা দিক নিয়ে বিস্তারিত প্রতিবেদন। সংশ্লিষ্ট কর্তৃপক্ষ জানিয়েছে যে প্রয়োজনীয় সকল ব্যবস্থা গ্রহণ করা হয়েছে এবং নির্ধারিত সময়ের মধ্যেই কাজ শেষ হবে। স্থানীয় জনগণ এ উদ্যোগকে স্বাগত জানিয়েছেন।

দেশের বিভিন্ন অঞ্চলে চলমান উন্নয়ন কার্যক্রম, প্রশাসনিক সিদ্ধান্ত এবং জনজীবনের নানা দিক নিয়ে বিস্তারিত প্রতিবেদন। সংশ্লিষ্ট কর্তৃপক্ষ জানিয়েছে যে প্রয়োজনীয় সকল ব্যবস্থা গ্রহণ করা হয়েছে এবং নির্ধারিত সময়ের মধ্যেই কাজ শেষ হবে। স্থানীয় জনগণ এ উদ্যোগকে স্বাগত জানিয়েছেন।

দেশের বিভিন্ন অঞ্চলে চলমান উন্নয়ন কার্যক্রম, প্রশাসনিক সিদ্ধান্ত এবং জনজীবনের নানা দিক নিয়ে বিস্তারিত প্রতিবেদন। সংশ্লিষ্ট কর্তৃপক্ষ জানিয়েছে যে প্রয়োজনীয় সকল ব্যবস্থা গ্রহণ করা হয়েছে এবং নির্ধারিত সময়ের মধ্যেই কাজ শেষ হবে। স্থানীয় জনগণ এ উদ্যোগকে স্বাগত জানিয়েছেন।

দেশের বিভিন্ন অঞ্চলে চলমান উন্নয়ন কার্যক্রম, প্রশাসনিক সিদ্ধান্ত এবং জনজীবনের নানা দিক নিয়ে বিস্তারিত প্রতিবেদন। সংশ্লিষ্ট কর্তৃপক্ষ জানিয়েছে যে প্রয়োজনীয় সকল ব্যবস্থা গ্রহণ করা হয়েছে এবং নির্ধারিত সময়ের মধ্যেই কাজ শেষ হবে। স্থানীয় জনগণ এ উদ্যোগকে স্বাগত জানিয়েছেন।

দেশের বিভিন্ন অঞ্চলে চলমান উন্নয়ন কার্যক্রম, প্রশাসনিক সিদ্ধান্ত এবং জনজীবনের নানা দিক নিয়ে বিস্তারিত প্রতিবেদন। সংশ্লিষ্ট কর্তৃপক্ষ জানিয়েছে যে প্রয়োজনীয় সকল ব্যবস্থা গ্রহণ করা হয়েছে এবং নির্ধারিত সময়ের মধ্যেই কাজ শেষ হবে। স্থানীয় জনগণ এ উদ্যোগকে স্বাগত জানিয়েছেন।

দেশের বিভিন্ন অঞ্চলে চলমান উন্নয়ন কার্যক্রম, প্রশাসনিক সিদ্ধান্ত এবং জনজীবনের নানা দিক নিয়ে বিস্তারিত প্রতিবেদন। সংশ্লিষ্ট কর্তৃপক্ষ জানিয়েছে যে প্রয়োজনীয় সকল ব্যবস্থা গ্রহণ করা হয়েছে এবং নির্ধারিত সময়ের মধ্যেই কাজ শেষ হবে। স্থানীয় জনগণ এ উদ্যোগকে স্বাগত জানিয়েছেন।

দেশের বিভিন্ন অঞ্চলে চলমান উন্নয়ন কার্যক্রম, প্রশাসনিক সিদ্ধান্ত এবং জনজীবনের নানা দিক নিয়ে বিস্তারিত প্রতিবেদন। সংশ্লিষ্ট কর্তৃপক্ষ জানিয়েছে যে প্রয়োজনীয় সকল ব্যবস্থা গ্রহণ করা হয়েছে এবং নির্ধারিত সময়ের মধ্যেই কাজ শেষ হবে। স্থানীয় জনগণ এ উদ্যোগকে স্বাগত জানিয়েছেন।

দেশের বিভিন্ন অঞ্চলে চলমান উন্নয়ন কার্যক্রম, প্রশাসনিক সিদ্ধান্ত এবং জনজীবনের নানা দিক নিয়ে বিস্তারিত প্রতিবেদন। সংশ্লিষ্ট কর্তৃপক্ষ জানিয়েছে যে প্রয়োজনীয় সকল ব্যবস্থা গ্রহণ করা হয়েছে এবং নির্ধারিত সময়ের মধ্যেই কাজ শেষ হবে। স্থানীয় জনগণ এ উদ্যোগকে স্বাগত জানিয়েছেন।

দেশের বিভিন্ন অঞ্চলে চলমান উন্নয়ন কার্যক্রম, প্রশাসনিক সিদ্ধান্ত এবং জনজীবনের নানা দিক নিয়ে বিস্তারিত প্রতিবেদন। সংশ্লিষ্ট কর্তৃপক্ষ জানিয়েছে যে প্রয়োজনীয় সকল ব্যবস্থা গ্রহণ করা হয়েছে এবং নির্ধারিত সময়ের মধ্যেই কাজ শেষ হবে। স্থানীয় জনগণ এ উদ্যোগকে স্বাগত জানিয়েছেন।

দেশের বিভিন্ন অঞ্চলে চলমান উন্নয়ন কার্যক্রম, প্রশাসনিক সিদ্ধান্ত এবং জনজীবনের নানা দিক নিয়ে বিস্তারিত প্রতিবেদন। সংশ্লিষ্ট কর্তৃপক্ষ জানিয়েছে যে প্রয়োজনীয় সকল ব্যবস্থা গ্রহণ করা হয়েছে এবং নির্ধারিত সময়ের মধ্যেই কাজ শেষ হবে। স্থানীয় জনগণ এ উদ্যোগকে স্বাগত জানিয়েছেন।

দেশের বিভিন্ন অঞ্চলে চলমান উন্নয়ন কার্যক্রম, প্রশাসনিক সিদ্ধান্ত এবং জনজীবনের নানা দিক নিয়ে বিস্তারিত প্রতিবেদন। সংশ্লিষ্ট কর্তৃপক্ষ জানিয়েছে যে প্রয়োজনীয় সকল ব্যবস্থা গ্রহণ করা হয়েছে এবং নির্ধারিত সময়ের মধ্যেই কাজ শেষ হবে। স্থানীয় জনগণ এ উদ্যোগকে স্বাগত জানিয়েছেন।

দেশের বিভিন্ন অঞ্চলে চলমান উন্নয়ন কার্যক্রম, প্রশাসনিক সিদ্ধান্ত এবং জনজীবনের নানা দিক নিয়ে বিস্তারিত প্রতিবেদন। সংশ্লিষ্ট কর্তৃপক্ষ জানিয়েছে যে প্রয়োজনীয় সকল ব্যবস্থা গ্রহণ করা হয়েছে এবং নির্ধারিত সময়ের মধ্যেই কাজ শেষ হবে। স্থানীয় জনগণ এ উদ্যোগকে স্বাগত জানিয়েছেন।

দেশের বিভিন্ন অঞ্চলে চলমান উন্নয়ন কার্যক্রম, প্রশাসনিক সিদ্ধান্ত এবং জনজীবনের নানা দিক নিয়ে বিস্তারিত প্রতিবেদন। সংশ্লিষ্ট কর্তৃপক্ষ জানিয়েছে যে প্রয়োজনীয় সকল ব্যবস্থা গ্রহণ করা হয়েছে এবং নির্ধারিত সময়ের মধ্যেই কাজ শেষ হবে। স্থানীয় জনগণ এ উদ্যোগকে স্বাগত জানিয়েছেন।

দেশের বিভিন্ন অঞ্চলে চলমান উন্নয়ন কার্যক্রম, প্রশাসনিক সিদ্ধান্ত এবং জনজীবনের নানা দিক নিয়ে বিস্তারিত প্রতিবেদন। সংশ্লিষ্ট কর্তৃপক্ষ জানিয়েছে যে প্রয়োজনীয় সকল ব্যবস্থা গ্রহণ করা হয়েছে এবং নির্ধারিত সময়ের মধ্যেই কাজ শেষ হবে। স্থানীয় জনগণ এ উদ্যোগকে স্বাগত জানিয়েছেন।

নিবন্ধন

প্রথম পৃষ্ঠার পর নিবন্ধন প্রক্রিয়া নির্ধারিত সময়ের মধ্যে সম্পন্ন করতে হবে।

দেশের বিভিন্ন অঞ্চলে চলমান উন্নয়ন কার্যক্রম, প্রশাসনিক সিদ্ধান্ত এবং জনজীবনের নানা দিক নিয়ে বিস্তারিত প্রতিবেদন। সংশ্লিষ্ট কর্তৃপক্ষ জানিয়েছে যে প্রয়োজনীয় সকল ব্যবস্থা গ্রহণ করা হয়েছে এবং নির্ধারিত সময়ের মধ্যেই কাজ শেষ হবে। স্থানীয় জনগণ এ উদ্যোগকে স্বাগত জানিয়েছেন।

দেশের বিভিন্ন অঞ্চলে চলমান উন্নয়ন কার্যক্রম, প্রশাসনিক সিদ্ধান্ত এবং জনজীবনের নানা দিক নিয়ে বিস্তারিত প্রতিবেদন। সংশ্লিষ্ট কর্তৃপক্ষ জানিয়েছে যে প্রয়োজনীয় সকল ব্যবস্থা গ্রহণ করা হয়েছে এবং নির্ধারিত সময়ের মধ্যেই কাজ শেষ হবে। স্থানীয় জনগণ এ উদ্যোগকে স্বাগত জানিয়েছেন।

দেশের বিভিন্ন অঞ্চলে চলমান উন্নয়ন কার্যক্রম, প্রশাসনিক সিদ্ধান্ত এবং জনজীবনের নানা দিক নিয়ে বিস্তারিত প্রতিবেদন। সংশ্লিষ্ট কর্তৃপক্ষ জানিয়েছে যে প্রয়োজনীয় সকল ব্যবস্থা গ্রহণ করা হয়েছে এবং নির্ধারিত সময়ের মধ্যেই কাজ শেষ হবে। স্থানীয় জনগণ এ উদ্যোগকে স্বাগত জানিয়েছেন।

দেশের বিভিন্ন অঞ্চলে চলমান উন্নয়ন কার্যক্রম, প্রশাসনিক সিদ্ধান্ত এবং জনজীবনের নানা দিক নিয়ে বিস্তারিত প্রতিবেদন। সংশ্লিষ্ট কর্তৃপক্ষ জানিয়েছে যে প্রয়োজনীয় সকল ব্যবস্থা গ্রহণ করা হয়েছে এবং নির্ধারিত সময়ের মধ্যেই কাজ শেষ হবে। স্থানীয় জনগণ এ উদ্যোগকে স্বাগত জানিয়েছেন।

দেশের বিভিন্ন অঞ্চলে চলমান উন্নয়ন কার্যক্রম, প্রশাসনিক সিদ্ধান্ত এবং জনজীবনের নানা দিক নিয়ে বিস্তারিত প্রতিবেদন। সংশ্লিষ্ট কর্তৃপক্ষ জানিয়েছে যে প্রয়োজনীয় সকল ব্যবস্থা গ্রহণ করা হয়েছে এবং নির্ধারিত সময়ের মধ্যেই কাজ শেষ হবে। স্থানীয় জনগণ এ উদ্যোগকে স্বাগত জানিয়েছেন।

দেশের বিভিন্ন অঞ্চলে চলমান উন্নয়ন কার্যক্রম, প্রশাসনিক সিদ্ধান্ত এবং জনজীবনের নানা দিক নিয়ে বিস্তারিত প্রতিবেদন। সংশ্লিষ্ট কর্তৃপক্ষ জানিয়েছে যে প্রয়োজনীয় সকল ব্যবস্থা গ্রহণ করা হয়েছে এবং নির্ধারিত সময়ের মধ্যেই কাজ শেষ হবে। স্থানীয় জনগণ এ উদ্যোগকে স্বাগত জানিয়েছেন।

দেশের বিভিন্ন অঞ্চলে চলমান উন্নয়ন কার্যক্রম, প্রশাসনিক সিদ্ধান্ত এবং জনজীবনের নানা দিক নিয়ে বিস্তারিত প্রতিবেদন। সংশ্লিষ্ট কর্তৃপক্ষ জানিয়েছে যে প্রয়োজনীয় সকল ব্যবস্থা গ্রহণ করা হয়েছে এবং নির্ধারিত সময়ের মধ্যেই কাজ শেষ হবে। স্থানীয় জনগণ এ উদ্যোগকে স্বাগত জানিয়েছেন।

দেশের বিভিন্ন অঞ্চলে চলমান উন্নয়ন কার্যক্রম, প্রশাসনিক সিদ্ধান্ত এবং জনজীবনের নানা দিক নিয়ে বিস্তারিত প্রতিবেদন। সংশ্লিষ্ট কর্তৃপক্ষ জানিয়েছে যে প্রয়োজনীয় সকল ব্যবস্থা গ্রহণ করা হয়েছে এবং নির্ধারিত সময়ের মধ্যেই কাজ শেষ হবে। স্থানীয় জনগণ এ উদ্যোগকে স্বাগত জানিয়েছেন।

বই আলোচনা

প্রথম পৃষ্ঠার পর লেখকের নতুন গ্রন্থ নিয়ে পাঠকদের মধ্যে ব্যাপক আগ্রহ দেখা গেছে।

দেশের বিভিন্ন অঞ্চলে চলমান উন্নয়ন কার্যক্রম, প্রশাসনিক সিদ্ধান্ত এবং জনজীবনের নানা দিক নিয়ে বিস্তারিত প্রতিবেদন। সংশ্লিষ্ট কর্তৃপক্ষ জানিয়েছে যে প্রয়োজনীয় সকল ব্যবস্থা গ্রহণ করা হয়েছে এবং নির্ধারিত সময়ের মধ্যেই কাজ শেষ হবে। স্থানীয় জনগণ এ উদ্যোগকে স্বাগত জানিয়েছেন।

দেশের বিভিন্ন অঞ্চলে চলমান উন্নয়ন কার্যক্রম, প্রশাসনিক সিদ্ধান্ত এবং জনজীবনের নানা দিক নিয়ে বিস্তারিত প্রতিবেদন। সংশ্লিষ্ট কর্তৃপক্ষ জানিয়েছে যে প্রয়োজনীয় সকল ব্যবস্থা গ্রহণ করা হয়েছে এবং নির্ধারিত সময়ের মধ্যেই কাজ শেষ হবে। স্থানীয় জনগণ এ উদ্যোগকে স্বাগত জানিয়েছেন।

দেশের বিভিন্ন অঞ্চলে চলমান উন্নয়ন কার্যক্রম, প্রশাসনিক সিদ্ধান্ত এবং জনজীবনের নানা দিক নিয়ে বিস্তারিত প্রতিবেদন। সংশ্লিষ্ট কর্তৃপক্ষ জানিয়েছে যে প্রয়োজনীয় সকল ব্যবস্থা গ্রহণ করা হয়েছে এবং নির্ধারিত সময়ের মধ্যেই কাজ শেষ হবে। স্থানীয় জনগণ এ উদ্যোগকে স্বাগত জানিয়েছেন।

গণপ্রজাতন্ত্রী বাংলাদেশ সরকার
টিম কোয়ার্টারস ম্যাজিস্ট্রেট এর
জি-ওয়েব/১২৩
দেশের বিভিন্ন অঞ্চলে চলমান উন্নয়ন কার্যক্রম, প্রশাসনিক সিদ্ধান্ত এবং জনজীবনের নানা দিক নিয়ে বিস্তারিত প্রতিবেদন। সংশ্লিষ্ট কর্তৃপক্ষ জানিয়েছে যে প্রয়োজনীয় সকল ব্যবস্থা গ্রহণ করা হয়েছে এবং নির্ধারিত সময়ের মধ্যেই কাজ শেষ হবে। স্থানীয় জনগণ এ উদ্যোগকে স্বাগত জানিয়েছেন। দেশের বিভিন্ন অঞ্চলে চলমান উন্নয়ন কার্যক্রম, প্রশাসনিক সিদ্ধান্ত এবং জনজীবনের নানা দিক নিয়ে বিস্তারিত প্রতিবেদন। সংশ্লিষ্ট কর্তৃপক্ষ জানিয়েছে যে প্রয়োজনীয় সকল ব্যবস্থা গ্রহণ করা হয়েছে এবং নির্ধারিত সময়ের মধ্যেই কাজ শেষ হবে। স্থানীয় জনগণ এ উদ্যোগকে স্বাগত জানিয়েছেন।
সহকারী কমিশনার (ভূমি)
গণপ্রজাতন্ত্রী বাংলাদেশ সরকার
নির্বাহী ম্যাজিস্ট্রেটের কার্যালয়
জি-ওয়েব/১২৪
দেশের বিভিন্ন অঞ্চলে চলমান উন্নয়ন কার্যক্রম, প্রশাসনিক সিদ্ধান্ত এবং জনজীবনের নানা দিক নিয়ে বিস্তারিত প্রতিবেদন। সংশ্লিষ্ট কর্তৃপক্ষ জানিয়েছে যে প্রয়োজনীয় সকল ব্যবস্থা গ্রহণ করা হয়েছে এবং নির্ধারিত সময়ের মধ্যেই কাজ শেষ হবে। স্থানীয় জনগণ এ উদ্যোগকে স্বাগত জানিয়েছেন। দেশের বিভিন্ন অঞ্চলে চলমান উন্নয়ন কার্যক্রম, প্রশাসনিক সিদ্ধান্ত এবং জনজীবনের নানা দিক নিয়ে বিস্তারিত প্রতিবেদন। সংশ্লিষ্ট কর্তৃপক্ষ জানিয়েছে যে প্রয়োজনীয় সকল ব্যবস্থা গ্রহণ করা হয়েছে এবং নির্ধারিত সময়ের মধ্যেই কাজ শেষ হবে। স্থানীয় জনগণ এ উদ্যোগকে স্বাগত জানিয়েছেন। দেশের বিভিন্ন অঞ্চলে চলমান উন্নয়ন কার্যক্রম, প্রশাসনিক সিদ্ধান্ত এবং জনজীবনের নানা দিক নিয়ে বিস্তারিত প্রতিবেদন। সংশ্লিষ্ট কর্তৃপক্ষ জানিয়েছে যে প্রয়োজনীয় সকল ব্যবস্থা গ্রহণ করা হয়েছে এবং নির্ধারিত সময়ের মধ্যেই কাজ শেষ হবে। স্থানীয় জনগণ এ উদ্যোগকে স্বাগত জানিয়েছেন।
নির্বাহী ম্যাজিস্ট্রেট
গণপ্রজাতন্ত্রী বাংলাদেশ সরকার
টিম কোয়ার্টারস ম্যাজিস্ট্রেট এর
জি-ওয়েব/১২৫
দেশের বিভিন্ন অঞ্চলে চলমান উন্নয়ন কার্যক্রম, প্রশাসনিক সিদ্ধান্ত এবং জনজীবনের নানা দিক নিয়ে বিস্তারিত প্রতিবেদন। সংশ্লিষ্ট কর্তৃপক্ষ জানিয়েছে যে প্রয়োজনীয় সকল ব্যবস্থা গ্রহণ করা হয়েছে এবং নির্ধারিত সময়ের মধ্যেই কাজ শেষ হবে। স্থানীয় জনগণ এ উদ্যোগকে স্বাগত জানিয়েছেন। দেশের বিভিন্ন অঞ্চলে চলমান উন্নয়ন কার্যক্রম, প্রশাসনিক সিদ্ধান্ত এবং জনজীবনের নানা দিক নিয়ে বিস্তারিত প্রতিবেদন। সংশ্লিষ্ট কর্তৃপক্ষ জানিয়েছে যে প্রয়োজনীয় সকল ব্যবস্থা গ্রহণ করা হয়েছে এবং নির্ধারিত সময়ের মধ্যেই কাজ শেষ হবে। স্থানীয় জনগণ এ উদ্যোগকে স্বাগত জানিয়েছেন।
সহকারী কমিশনার (ভূমি)
গণপ্রজাতন্ত্রী বাংলাদেশ সরকার
টিম কোয়ার্টারস ম্যাজিস্ট্রেট এর
জি-ওয়েব/১২৬
দেশের বিভিন্ন অঞ্চলে চলমান উন্নয়ন কার্যক্রম, প্রশাসনিক সিদ্ধান্ত এবং জনজীবনের নানা দিক নিয়ে বিস্তারিত প্রতিবেদন। সংশ্লিষ্ট কর্তৃপক্ষ জানিয়েছে যে প্রয়োজনীয় সকল ব্যবস্থা গ্রহণ করা হয়েছে এবং নির্ধারিত সময়ের মধ্যেই কাজ শেষ হবে। স্থানীয় জনগণ এ উদ্যোগকে স্বাগত জানিয়েছেন। দেশের বিভিন্ন অঞ্চলে চলমান উন্নয়ন কার্যক্রম, প্রশাসনিক সিদ্ধান্ত এবং জনজীবনের নানা দিক নিয়ে বিস্তারিত প্রতিবেদন। সংশ্লিষ্ট কর্তৃপক্ষ জানিয়েছে যে প্রয়োজনীয় সকল ব্যবস্থা গ্রহণ করা হয়েছে এবং নির্ধারিত সময়ের মধ্যেই কাজ শেষ হবে। স্থানীয় জনগণ এ উদ্যোগকে স্বাগত জানিয়েছেন।
সহকারী কমিশনার (ভূমি)
